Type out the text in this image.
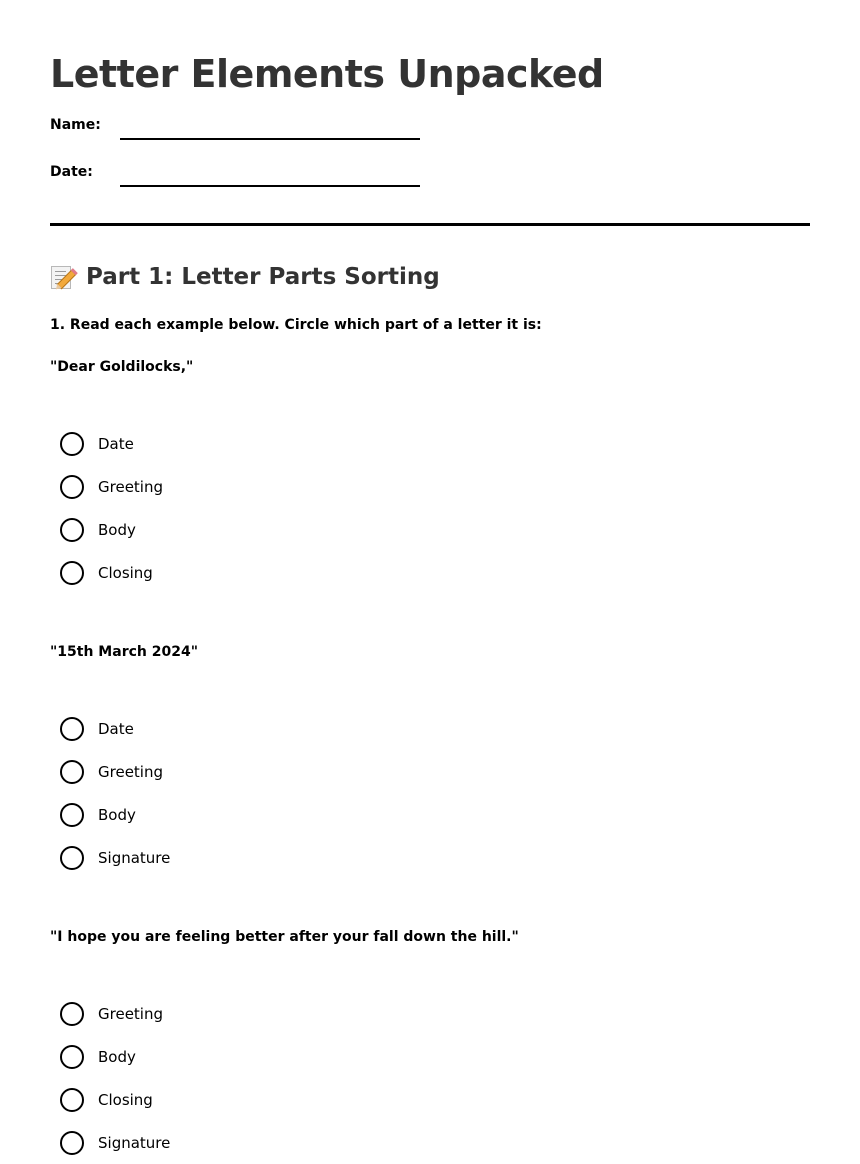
Letter Elements Unpacked
Name:
Date:
Part 1: Letter Parts Sorting
1. Read each example below. Circle which part of a letter it is:
"Dear Goldilocks,"
Date
Greeting
Body
Closing
"15th March 2024"
Date
Greeting
Body
Signature
"I hope you are feeling better after your fall down the hill."
Greeting
Body
Closing
Signature
